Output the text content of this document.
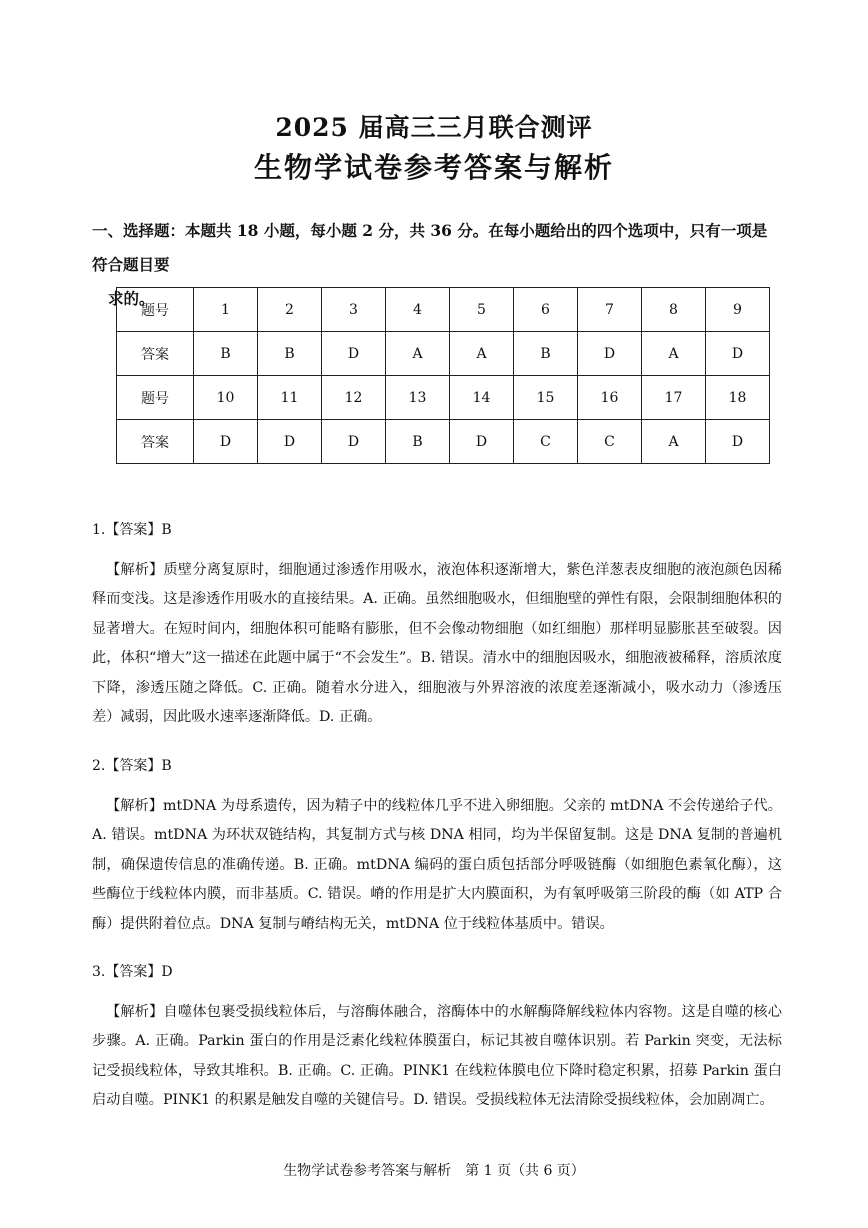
2025 届高三三月联合测评
生物学试卷参考答案与解析
一、选择题：本题共 18 小题，每小题 2 分，共 36 分。在每小题给出的四个选项中，只有一项是符合题目要
求的。
题号	1	2	3	4	5	6	7	8	9
答案	B	B	D	A	A	B	D	A	D
题号	10	11	12	13	14	15	16	17	18
答案	D	D	D	B	D	C	C	A	D
1.【答案】B
【解析】质壁分离复原时，细胞通过渗透作用吸水，液泡体积逐渐增大，紫色洋葱表皮细胞的液泡颜色因稀释而变浅。这是渗透作用吸水的直接结果。A. 正确。虽然细胞吸水，但细胞壁的弹性有限，会限制细胞体积的显著增大。在短时间内，细胞体积可能略有膨胀，但不会像动物细胞（如红细胞）那样明显膨胀甚至破裂。因此，体积“增大”这一描述在此题中属于“不会发生”。B. 错误。清水中的细胞因吸水，细胞液被稀释，溶质浓度下降，渗透压随之降低。C. 正确。随着水分进入，细胞液与外界溶液的浓度差逐渐减小，吸水动力（渗透压差）减弱，因此吸水速率逐渐降低。D. 正确。
2.【答案】B
【解析】mtDNA 为母系遗传，因为精子中的线粒体几乎不进入卵细胞。父亲的 mtDNA 不会传递给子代。A. 错误。mtDNA 为环状双链结构，其复制方式与核 DNA 相同，均为半保留复制。这是 DNA 复制的普遍机制，确保遗传信息的准确传递。B. 正确。mtDNA 编码的蛋白质包括部分呼吸链酶（如细胞色素氧化酶），这些酶位于线粒体内膜，而非基质。C. 错误。嵴的作用是扩大内膜面积，为有氧呼吸第三阶段的酶（如 ATP 合酶）提供附着位点。DNA 复制与嵴结构无关，mtDNA 位于线粒体基质中。错误。
3.【答案】D
【解析】自噬体包裹受损线粒体后，与溶酶体融合，溶酶体中的水解酶降解线粒体内容物。这是自噬的核心步骤。A. 正确。Parkin 蛋白的作用是泛素化线粒体膜蛋白，标记其被自噬体识别。若 Parkin 突变，无法标记受损线粒体，导致其堆积。B. 正确。C. 正确。PINK1 在线粒体膜电位下降时稳定积累，招募 Parkin 蛋白启动自噬。PINK1 的积累是触发自噬的关键信号。D. 错误。受损线粒体无法清除受损线粒体，会加剧凋亡。
生物学试卷参考答案与解析　第 1 页（共 6 页）
